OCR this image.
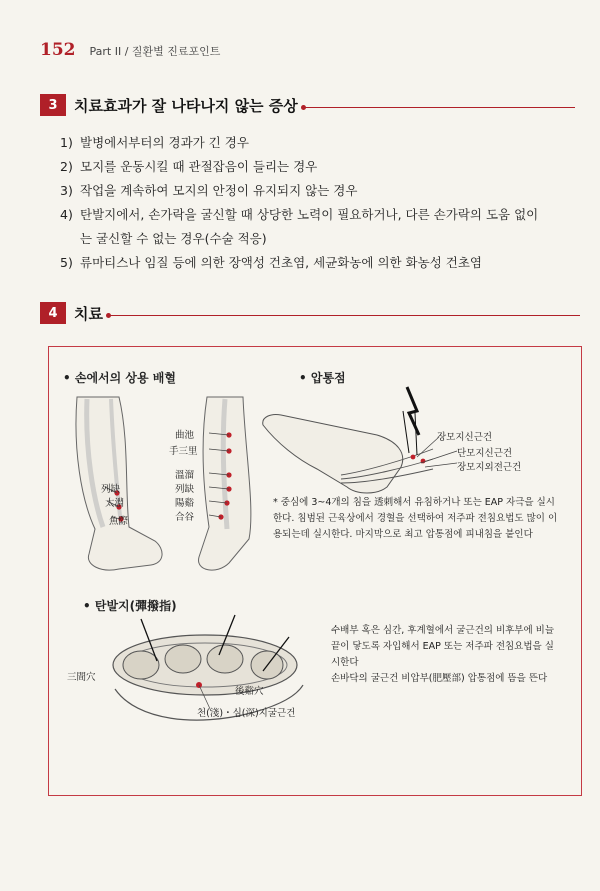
152 Part II / 질환별 진료포인트
3	치료효과가 잘 나타나지 않는 증상
1) 발병에서부터의 경과가 긴 경우
2) 모지를 운동시킬 때 관절잡음이 들리는 경우
3) 작업을 계속하여 모지의 안정이 유지되지 않는 경우
4) 탄발지에서, 손가락을 굴신할 때 상당한 노력이 필요하거나, 다른 손가락의 도움 없이
는 굴신할 수 없는 경우(수술 적응)
5) 류마티스나 임질 등에 의한 장액성 건초염, 세균화농에 의한 화농성 건초염
4	치료
• 손에서의 상용 배혈
列缺
太淵
魚際
曲池
手三里
溫溜
列缺
陽谿
合谷
• 압통점
장모지신근건
단모지신근건
장모지외전근건
* 중심에 3~4개의 침을 透刺해서 유침하거나 또는 EAP 자극을 실시한다. 침범된 근육상에서 경혈을 선택하여 저주파 전침요법도 많이 이용되는데 실시한다. 마지막으로 최고 압통점에 피내침을 붙인다
• 탄발지(彈撥指)
三間穴
後谿穴
천(淺)・심(深)지굴근건
수배부 혹은 심간, 후계혈에서 굴근건의 비후부에 비늘끝이 닿도록 자입해서 EAP 또는 저주파 전침요법을 실시한다
손바닥의 굴근건 비압부(肥壓部) 압통점에 뜸을 뜬다
